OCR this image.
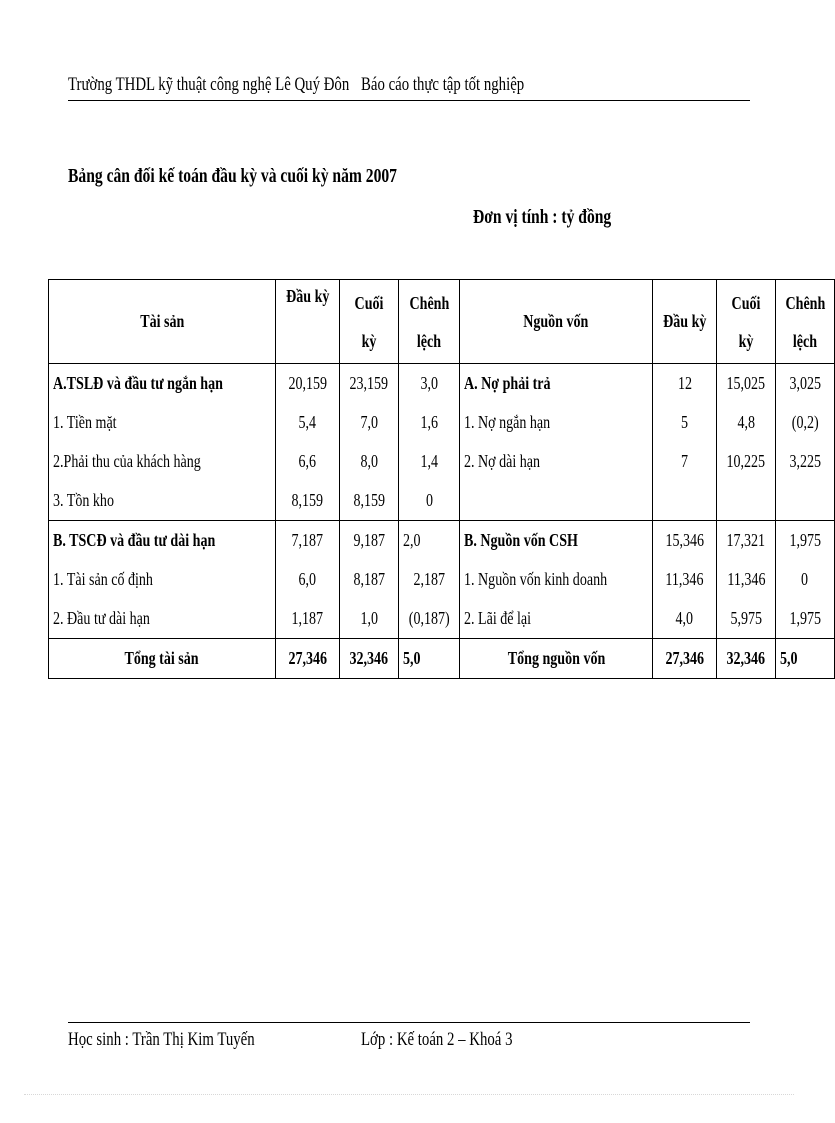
Trường THDL kỹ thuật công nghệ Lê Quý Đôn Báo cáo thực tập tốt nghiệp
Bảng cân đối kế toán đầu kỳ và cuối kỳ năm 2007
Đơn vị tính : tỷ đồng
Tài sản	Đầu kỳ	Cuối kỳ	Chênh lệch	Nguồn vốn	Đầu kỳ	Cuối kỳ	Chênh lệch
A.TSLĐ và đầu tư ngắn hạn	20,159	23,159	3,0	A. Nợ phải trả	12	15,025	3,025
1. Tiền mặt	5,4	7,0	1,6	1. Nợ ngắn hạn	5	4,8	(0,2)
2.Phải thu của khách hàng	6,6	8,0	1,4	2. Nợ dài hạn	7	10,225	3,225
3. Tồn kho	8,159	8,159	0				
B. TSCĐ và đầu tư dài hạn	7,187	9,187	2,0	B. Nguồn vốn CSH	15,346	17,321	1,975
1. Tài sản cố định	6,0	8,187	2,187	1. Nguồn vốn kinh doanh	11,346	11,346	0
2. Đầu tư dài hạn	1,187	1,0	(0,187)	2. Lãi để lại	4,0	5,975	1,975
Tổng tài sản	27,346	32,346	5,0	Tổng nguồn vốn	27,346	32,346	5,0
Học sinh : Trần Thị Kim Tuyến	Lớp : Kế toán 2 – Khoá 3
